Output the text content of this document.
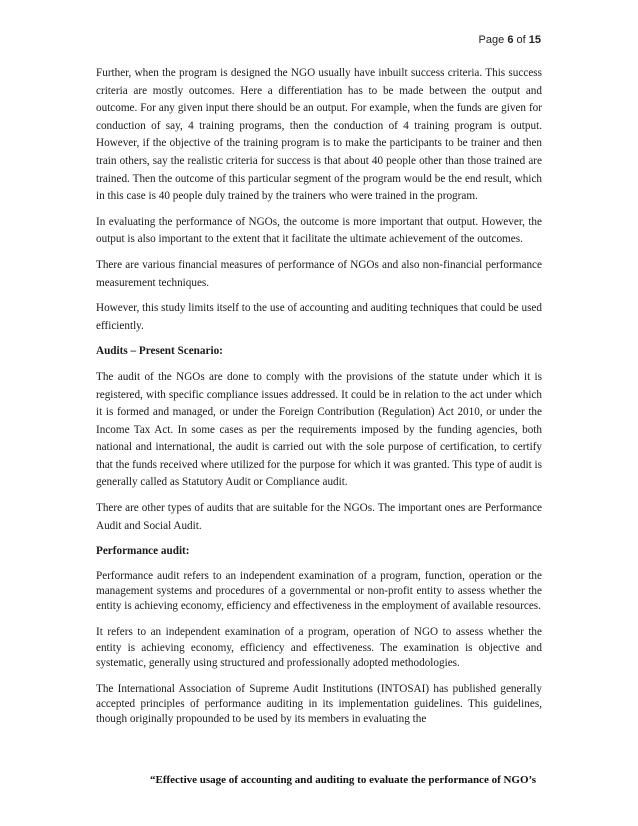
Page 6 of 15

Further, when the program is designed the NGO usually have inbuilt success criteria. This success criteria are mostly outcomes. Here a differentiation has to be made between the output and outcome. For any given input there should be an output. For example, when the funds are given for conduction of say, 4 training programs, then the conduction of 4 training program is output. However, if the objective of the training program is to make the participants to be trainer and then train others, say the realistic criteria for success is that about 40 people other than those trained are trained. Then the outcome of this particular segment of the program would be the end result, which in this case is 40 people duly trained by the trainers who were trained in the program.

In evaluating the performance of NGOs, the outcome is more important that output. However, the output is also important to the extent that it facilitate the ultimate achievement of the outcomes.

There are various financial measures of performance of NGOs and also non-financial performance measurement techniques.

However, this study limits itself to the use of accounting and auditing techniques that could be used efficiently.

Audits – Present Scenario:

The audit of the NGOs are done to comply with the provisions of the statute under which it is registered, with specific compliance issues addressed. It could be in relation to the act under which it is formed and managed, or under the Foreign Contribution (Regulation) Act 2010, or under the Income Tax Act. In some cases as per the requirements imposed by the funding agencies, both national and international, the audit is carried out with the sole purpose of certification, to certify that the funds received where utilized for the purpose for which it was granted. This type of audit is generally called as Statutory Audit or Compliance audit.

There are other types of audits that are suitable for the NGOs. The important ones are Performance Audit and Social Audit.

Performance audit:

Performance audit refers to an independent examination of a program, function, operation or the management systems and procedures of a governmental or non-profit entity to assess whether the entity is achieving economy, efficiency and effectiveness in the employment of available resources.

It refers to an independent examination of a program, operation of NGO to assess whether the entity is achieving economy, efficiency and effectiveness. The examination is objective and systematic, generally using structured and professionally adopted methodologies.

The International Association of Supreme Audit Institutions (INTOSAI) has published generally accepted principles of performance auditing in its implementation guidelines. This guidelines, though originally propounded to be used by its members in evaluating the

“Effective usage of accounting and auditing to evaluate the performance of NGO’s
